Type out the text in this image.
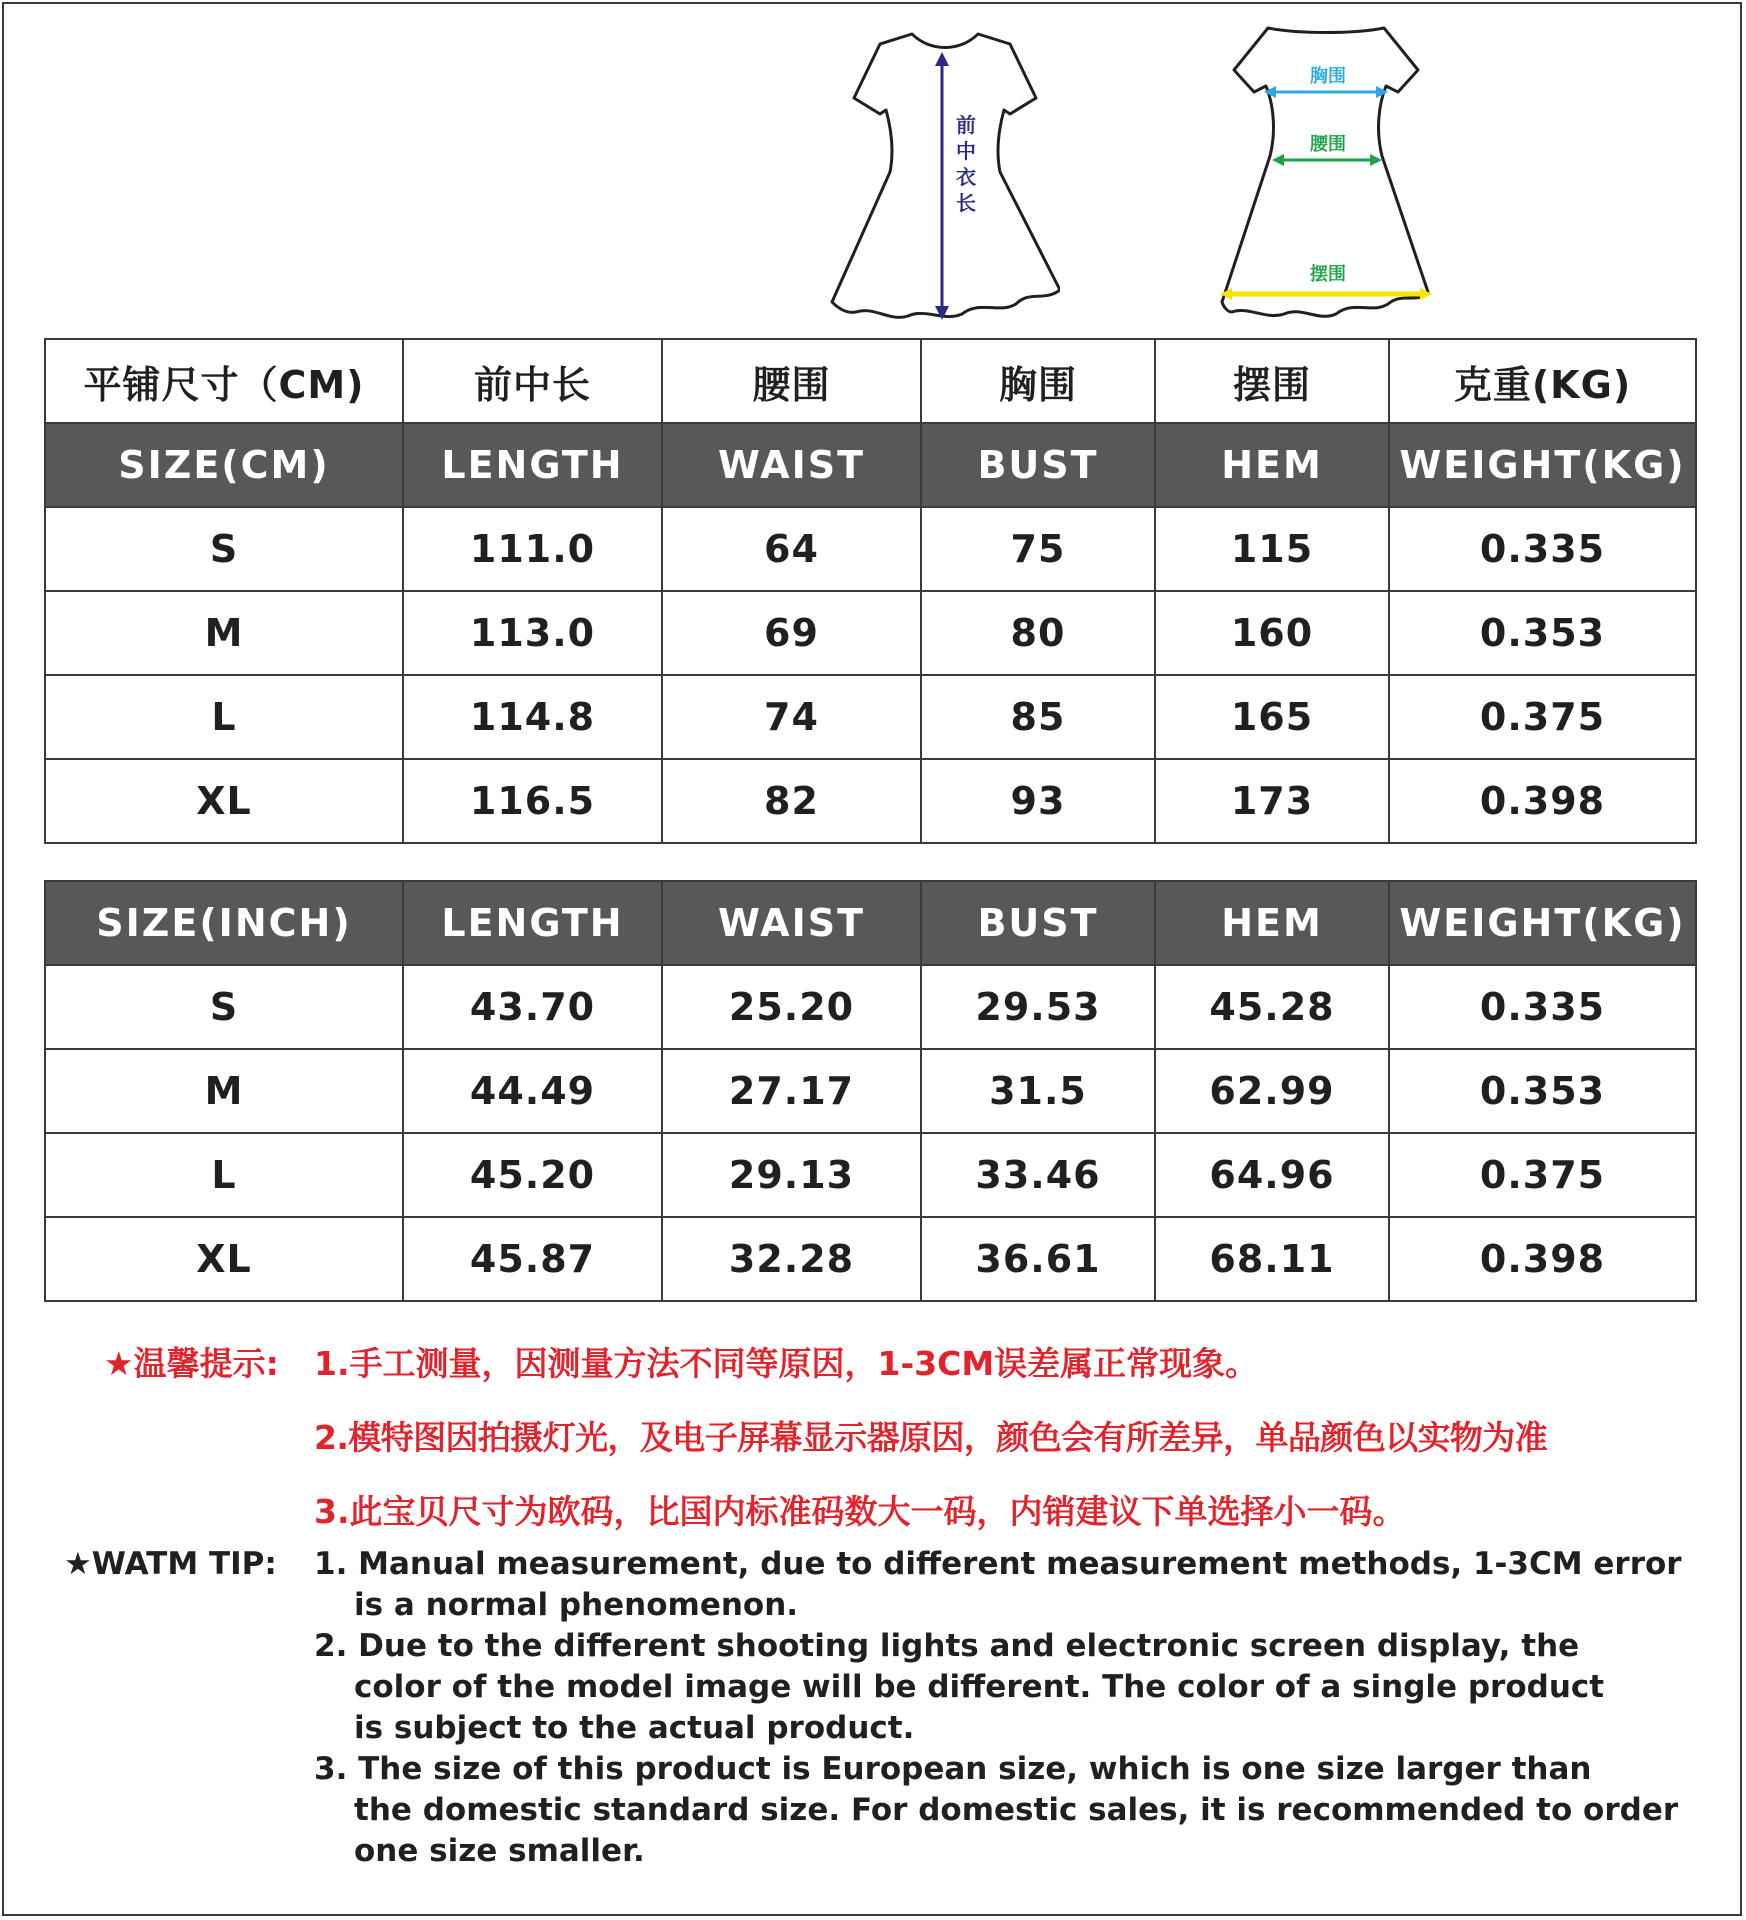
前
中
衣
长
胸围
腰围
摆围
平铺尺寸（CM)	前中长	腰围	胸围	摆围	克重(KG)
SIZE(CM)	LENGTH	WAIST	BUST	HEM	WEIGHT(KG)
S	111.0	64	75	115	0.335
M	113.0	69	80	160	0.353
L	114.8	74	85	165	0.375
XL	116.5	82	93	173	0.398
SIZE(INCH)	LENGTH	WAIST	BUST	HEM	WEIGHT(KG)
S	43.70	25.20	29.53	45.28	0.335
M	44.49	27.17	31.5	62.99	0.353
L	45.20	29.13	33.46	64.96	0.375
XL	45.87	32.28	36.61	68.11	0.398
★温馨提示: 1.手工测量，因测量方法不同等原因，1-3CM误差属正常现象。
2.模特图因拍摄灯光，及电子屏幕显示器原因，颜色会有所差异，单品颜色以实物为准
3.此宝贝尺寸为欧码，比国内标准码数大一码，内销建议下单选择小一码。
★WATM TIP: 1. Manual measurement, due to different measurement methods, 1-3CM error
is a normal phenomenon.
2. Due to the different shooting lights and electronic screen display, the
color of the model image will be different. The color of a single product
is subject to the actual product.
3. The size of this product is European size, which is one size larger than
the domestic standard size. For domestic sales, it is recommended to order
one size smaller.
